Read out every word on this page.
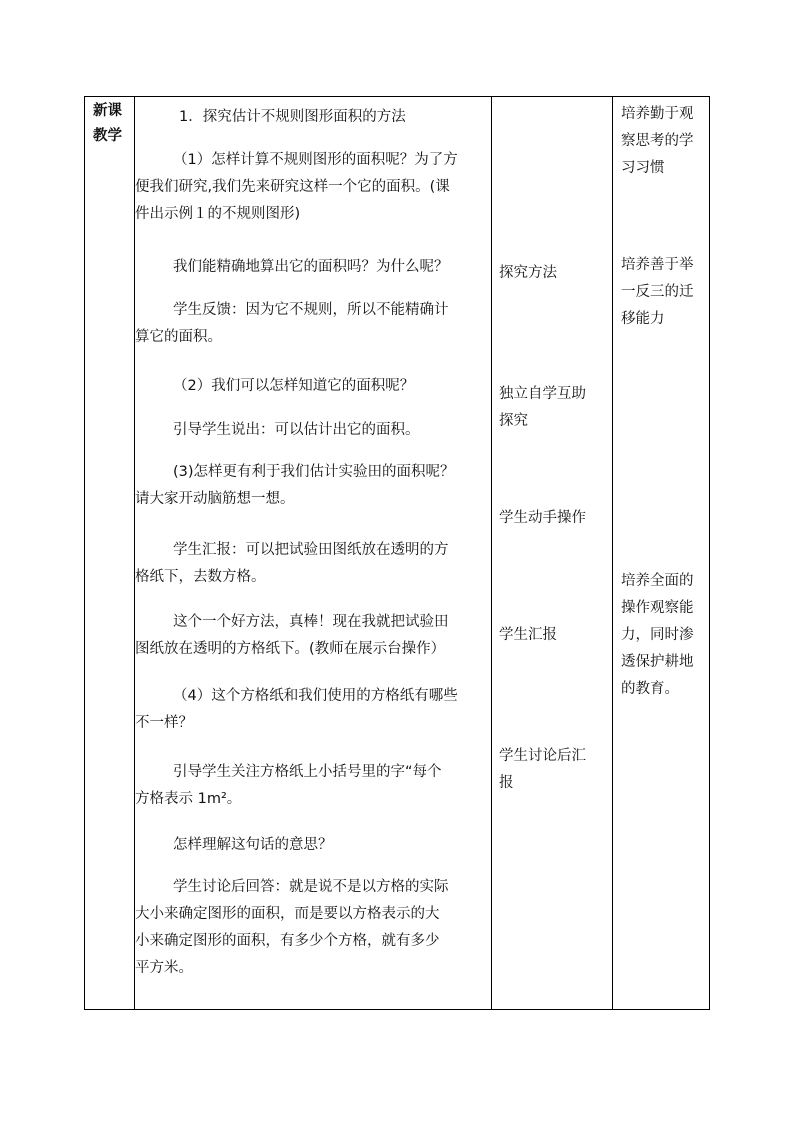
新课
教学
1．探究估计不规则图形面积的方法
（1）怎样计算不规则图形的面积呢？为了方
便我们研究,我们先来研究这样一个它的面积。(课
件出示例１的不规则图形)
我们能精确地算出它的面积吗？为什么呢？
学生反馈：因为它不规则，所以不能精确计
算它的面积。
（2）我们可以怎样知道它的面积呢？
引导学生说出：可以估计出它的面积。
(3)怎样更有利于我们估计实验田的面积呢？
请大家开动脑筋想一想。
学生汇报：可以把试验田图纸放在透明的方
格纸下，去数方格。
这个一个好方法，真棒！现在我就把试验田
图纸放在透明的方格纸下。(教师在展示台操作）
（4）这个方格纸和我们使用的方格纸有哪些
不一样？
引导学生关注方格纸上小括号里的字“每个
方格表示 1m²。
怎样理解这句话的意思？
学生讨论后回答：就是说不是以方格的实际
大小来确定图形的面积，而是要以方格表示的大
小来确定图形的面积，有多少个方格，就有多少
平方米。
探究方法
独立自学互助
探究
学生动手操作
学生汇报
学生讨论后汇
报
培养勤于观
察思考的学
习习惯
培养善于举
一反三的迁
移能力
培养全面的
操作观察能
力，同时渗
透保护耕地
的教育。
